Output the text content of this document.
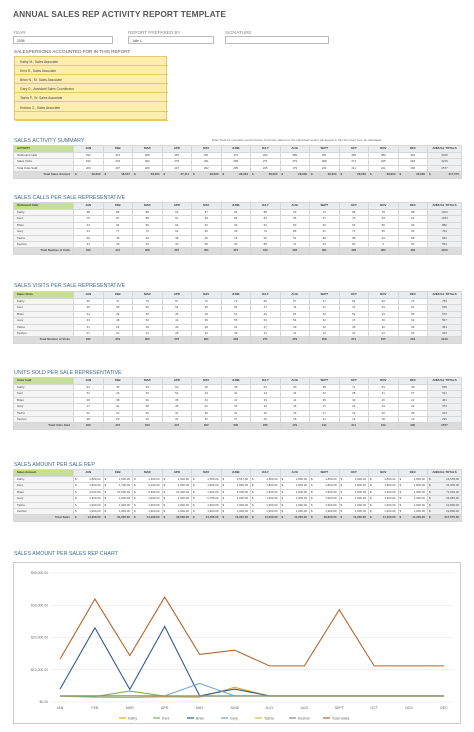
ANNUAL SALES REP ACTIVITY REPORT TEMPLATE
YEAR	REPORT PREPARED BY	SIGNATURE
2038	Julie L.
SALESPERSONS ACCOUNTED FOR IN THIS REPORT
Kathy M., Sales Associate
Kent R., Sales Associate
Brian N., Sr. Sales Associate
Gary G., Assistant Sales Coordinator
Tasha P., Sr. Sales Associate
Keshon Z., Sales Associate
Enter Data for complete reports below. Summary data from the individual reports will appear in this Summary box, as calculated.
SALES ACTIVITY SUMMARY
ACTIVITY	JAN	FEB	MAR	APR	MAY	JUNE	JULY	AUG	SEPT	OCT	NOV	DEC	ANNUAL TOTALS
Outbound Calls	342	441	408	397	461	472	443	385	461	366	380	462	4915
Sales Visits	232	279	302	275	261	299	271	279	208	271	245	294	3216
Total Units Sold	229	207	183	247	262	205	225	179	211	211	212	206	2577
Total Sales Amount	$ 28,600	$ 48,557	$ 29,464	$ 27,111	$ 28,600	$ 28,603	$ 28,600	$ 28,600	$ 28,600	$ 28,600	$ 28,600	$ 28,600	$ 317,575
SALES CALLS PER SALE REPRESENTATIVE
Outbound Calls	JAN	FEB	MAR	APR	MAY	JUNE	JULY	AUG	SEPT	OCT	NOV	DEC	ANNUAL TOTALS
Kathy	98	89	88	92	87	92	88	93	74	98	78	98	1002
Kent	76	87	88	61	93	84	84	95	57	76	93	94	1034
Brian	44	94	95	92	94	90	54	90	46	53	80	99	880
Gary	44	77	72	64	92	40	72	86	61	71	65	63	764
Tasha	49	48	40	48	40	76	60	51	89	58	64	58	681
Keshon	31	46	25	40	55	90	85	41	54	50	0	50	554
Total Number of Calls	342	441	408	397	461	472	443	456	381	406	380	462	4915
SALES VISITS PER SALE REPRESENTATIVE
Sales Visits	JAN	FEB	MAR	APR	MAY	JUNE	JULY	AUG	SEPT	OCT	NOV	DEC	ANNUAL TOTALS
Kathy	66	47	75	67	72	71	66	57	47	64	49	73	754
Kent	46	99	56	54	45	52	47	44	47	41	53	51	635
Brian	44	39	45	45	48	51	49	54	46	52	43	56	572
Gary	34	48	52	41	45	55	51	54	32	47	46	52	557
Tasha	21	24	30	40	28	31	27	29	22	36	30	36	354
Keshon	21	22	44	28	23	39	31	41	14	31	24	26	344
Total Number of Visits	232	279	302	275	261	299	271	279	208	271	245	294	3216
UNITS SOLD PER SALE REPRESENTATIVE
Units Sold	JAN	FEB	MAR	APR	MAY	JUNE	JULY	AUG	SEPT	OCT	NOV	DEC	ANNUAL TOTALS
Kathy	64	43	43	53	42	45	63	50	49	71	54	48	625
Kent	52	40	46	52	44	41	44	34	42	38	41	37	511
Brian	36	38	30	35	43	41	34	41	35	40	46	42	461
Gary	17	34	28	45	42	30	33	18	37	24	33	32	373
Tasha	32	23	20	31	49	21	26	18	27	19	20	28	314
Keshon	28	29	16	31	42	27	25	18	21	19	18	19	293
Total Units Sold	229	207	183	247	262	205	225	179	211	211	212	206	2577
SALES AMOUNT PER SALE REP
Sales Amount	JAN	FEB	MAR	APR	MAY	JUNE	JULY	AUG	SEPT	OCT	NOV	DEC	ANNUAL TOTALS
Kathy	$ 1,800.00	$ 1,500.00	$ 1,400.00	$ 1,600.00	$ 1,500.00	$ 4,567.00	$ 1,800.00	$ 1,800.00	$ 1,800.00	$ 1,800.00	$ 1,800.00	$ 1,800.00	$ 24,578.00
Kent	$ 1,800.00	$ 1,700.00	$ 3,400.00	$ 1,800.00	$ 1,800.00	$ 1,800.00	$ 1,800.00	$ 1,800.00	$ 1,800.00	$ 1,800.00	$ 1,800.00	$ 1,800.00	$ 24,000.00
Brian	$ 4,000.00	$ 23,000.00	$ 3,900.00	$ 23,430.00	$ 1,900.00	$ 4,000.00	$ 1,900.00	$ 1,900.00	$ 1,900.00	$ 1,900.00	$ 1,900.00	$ 1,900.00	$ 71,530.00
Gary	$ 1,900.00	$ 1,900.00	$ 1,900.00	$ 1,900.00	$ 5,765.00	$ 1,900.00	$ 1,900.00	$ 1,900.00	$ 1,900.00	$ 1,900.00	$ 1,900.00	$ 1,900.00	$ 26,665.00
Tasha	$ 1,900.00	$ 1,900.00	$ 1,900.00	$ 1,900.00	$ 1,900.00	$ 1,900.00	$ 1,900.00	$ 1,900.00	$ 1,900.00	$ 1,900.00	$ 1,900.00	$ 1,900.00	$ 22,800.00
Keshon	$ 1,900.00	$ 1,900.00	$ 1,900.00	$ 1,900.00	$ 1,900.00	$ 1,900.00	$ 1,900.00	$ 1,900.00	$ 1,900.00	$ 1,900.00	$ 1,900.00	$ 1,900.00	$ 22,800.00
Total Sales	$ 13,300.00	$ 31,900.00	$ 14,400.00	$ 32,530.00	$ 14,765.00	$ 16,067.00	$ 11,200.00	$ 11,200.00	$ 28,600.00	$ 11,200.00	$ 11,200.00	$ 11,200.00	$ 317,575.00
SALES AMOUNT PER SALES REP CHART
$0.00
$10,000.00
$20,000.00
$30,000.00
$40,000.00
JAN	FEB	MAR	APR	MAY	JUNE	JULY	AUG	SEPT	OCT	NOV	DEC
Kathy	Kent	Brian	Gary	Tasha	Keshon	Total Sales
